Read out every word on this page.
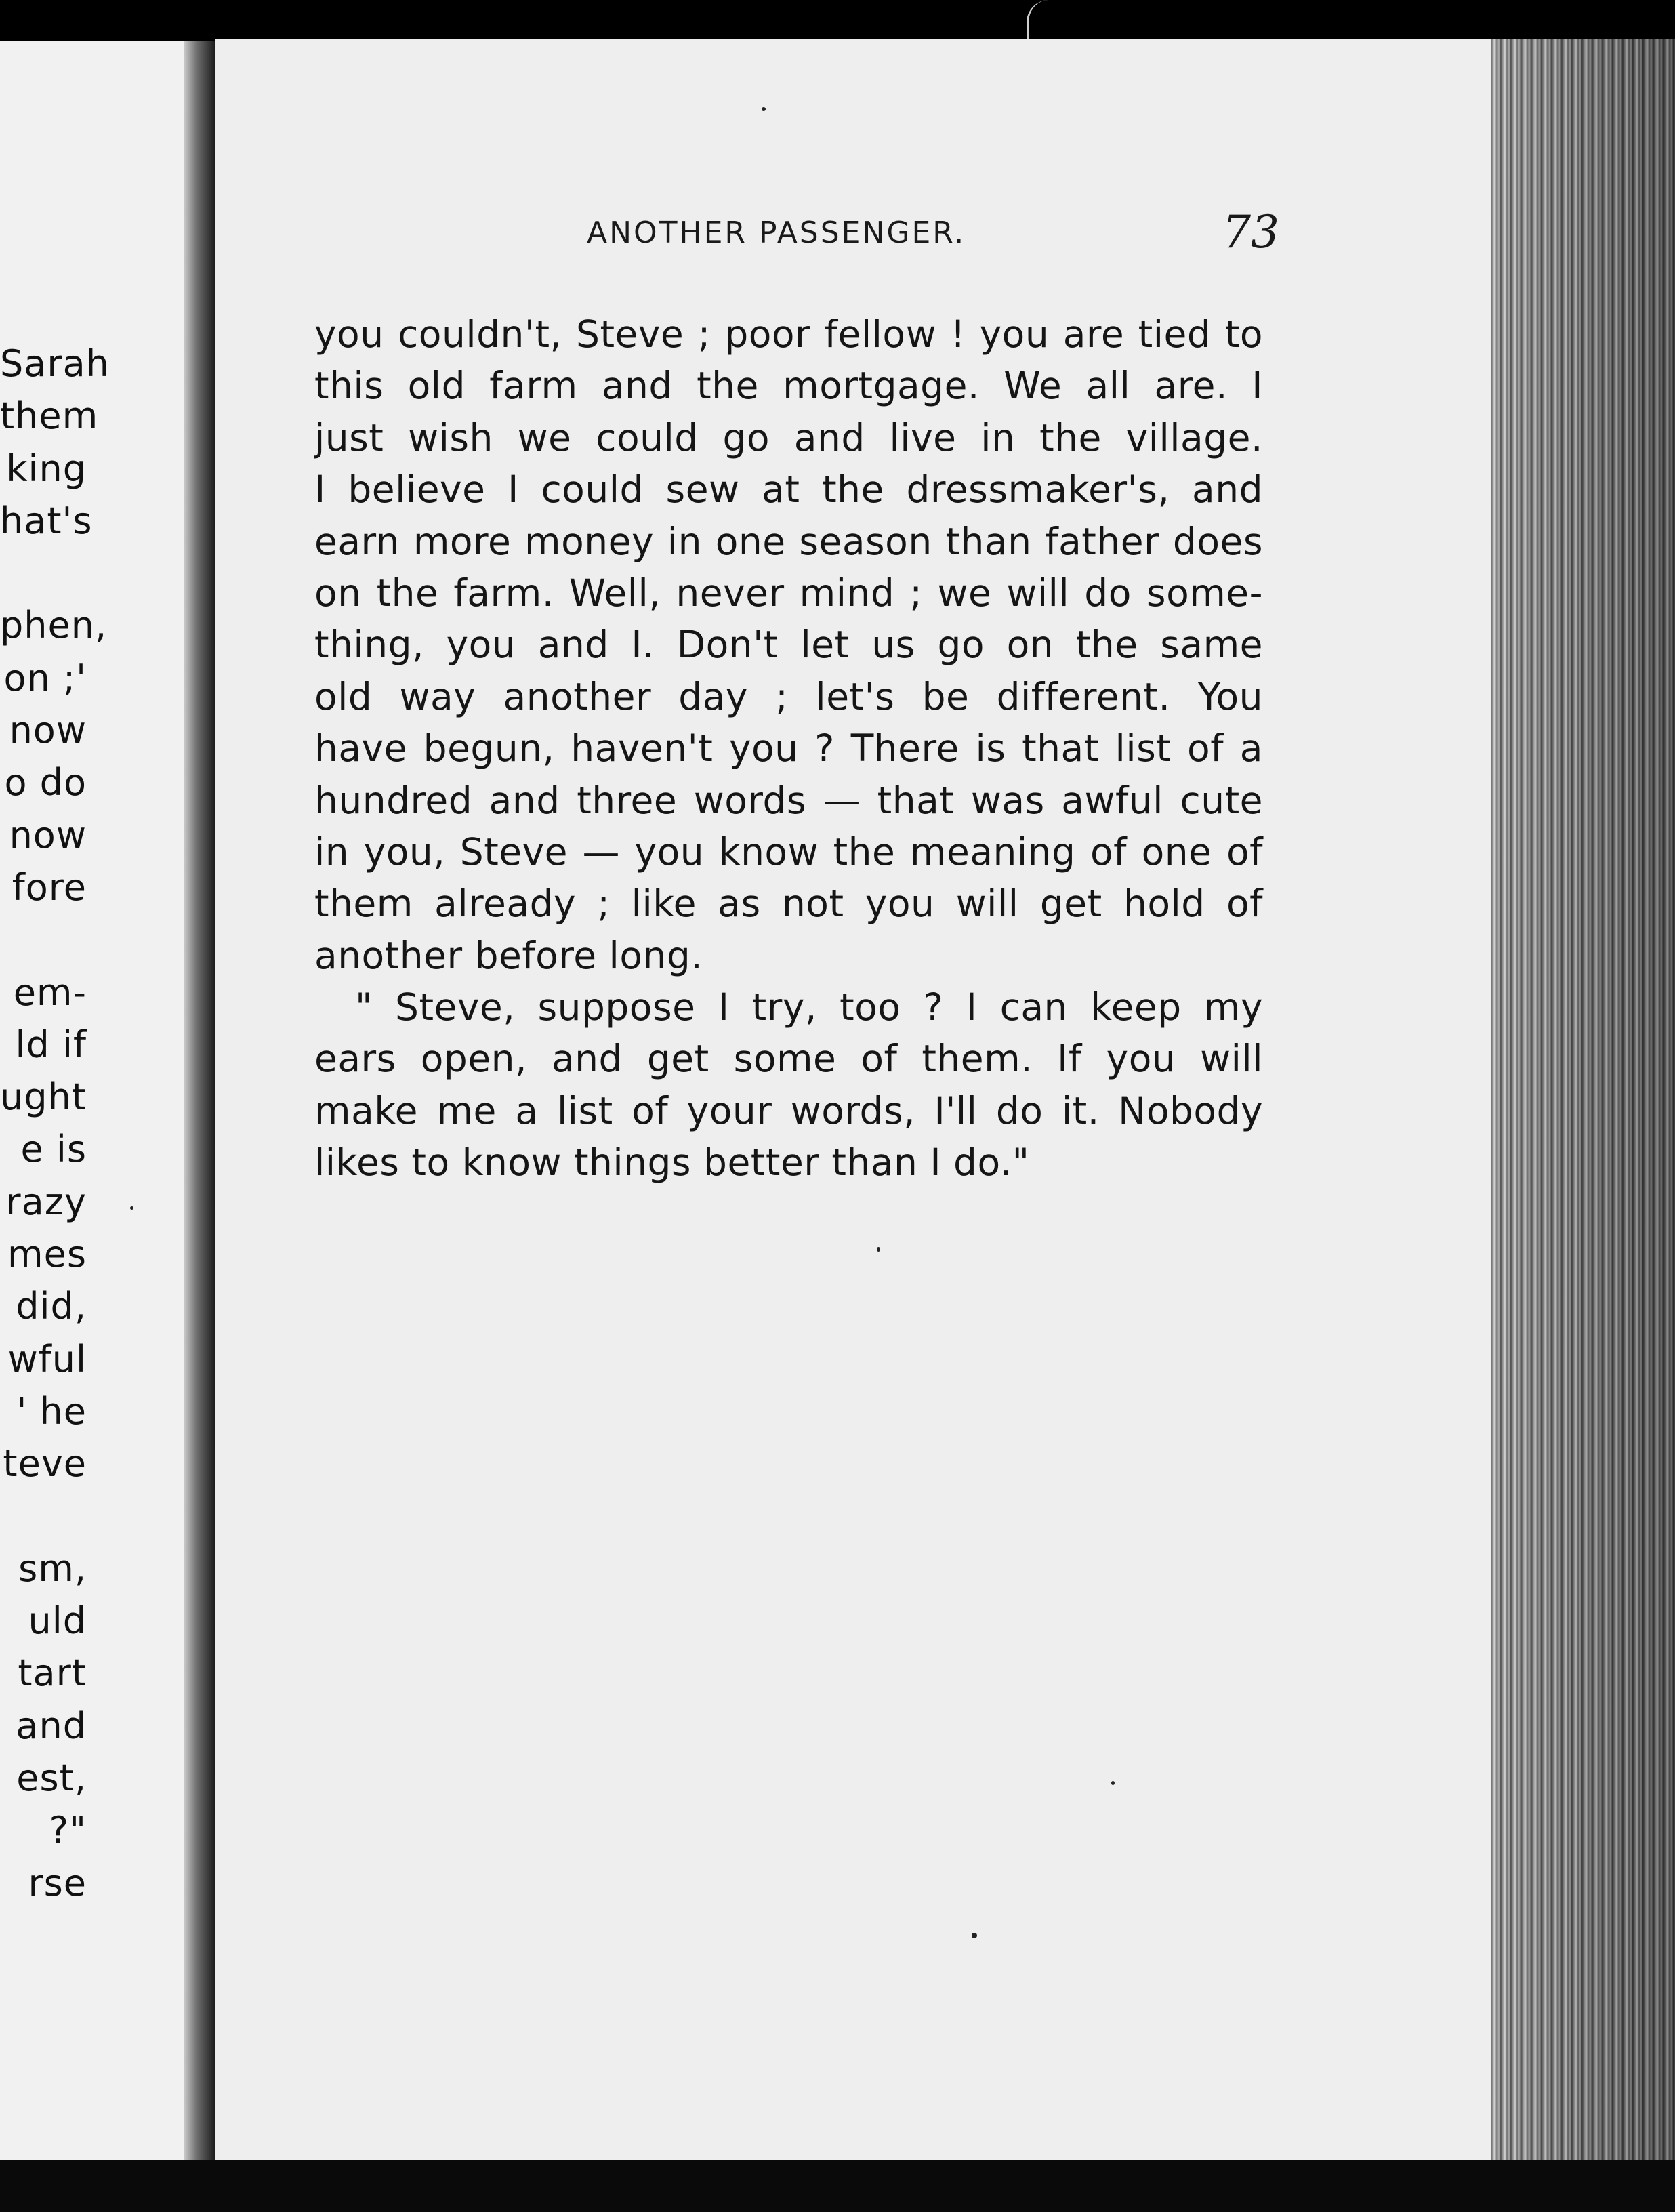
Sarah
them
king
hat's
phen,
on ;'
now
o do
now
fore
em-
ld if
ught
e is
razy
mes
did,
wful
' he
teve
sm,
uld
tart
and
est,
?"
rse
ANOTHER PASSENGER.	73
you couldn't, Steve ; poor fellow ! you are tied to
this old farm and the mortgage. We all are. I
just wish we could go and live in the village.
I believe I could sew at the dressmaker's, and
earn more money in one season than father does
on the farm. Well, never mind ; we will do some-
thing, you and I. Don't let us go on the same
old way another day ; let's be different. You
have begun, haven't you ? There is that list of a
hundred and three words — that was awful cute
in you, Steve — you know the meaning of one of
them already ; like as not you will get hold of
another before long.
" Steve, suppose I try, too ? I can keep my
ears open, and get some of them. If you will
make me a list of your words, I'll do it. Nobody
likes to know things better than I do."
